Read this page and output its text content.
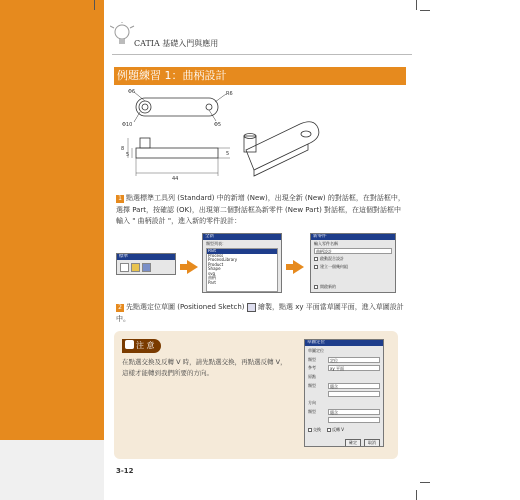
CATIA 基礎入門與應用
例題練習 1：曲柄設計
Φ6	R6
Φ10	Φ5
8
5
44
5
1 點選標準工具列 (Standard) 中的新增 (New)，出現全新 (New) 的對話框，在對話框中，選擇 Part，按確認 (OK)，出現第二個對話框為新零件 (New Part) 對話框，在這個對話框中輸入 " 曲柄設計 "，進入新的零件設計：
標準
全新
類型列表：
Part
Process
ProcessLibrary
Product
Shape
svg
曲柄
Part
新零件
輸入零件名稱
曲柄設計
啟動混合設計
建立一個幾何組
開啟新的
2 先點選定位草圖 (Positioned Sketch) 繪製，點選 xy 平面當草圖平面，進入草圖設計中。
注 意
在點選交換及反轉 V 時，請先點選交換，再點選反轉 V，這樣才能轉到我們所要的方向。
草圖定位
草圖定位
類型	定位
參考	xy 平面
原點
類型	隱含
方向
類型	隱含
交換	反轉 V
確定	取消
3-12
